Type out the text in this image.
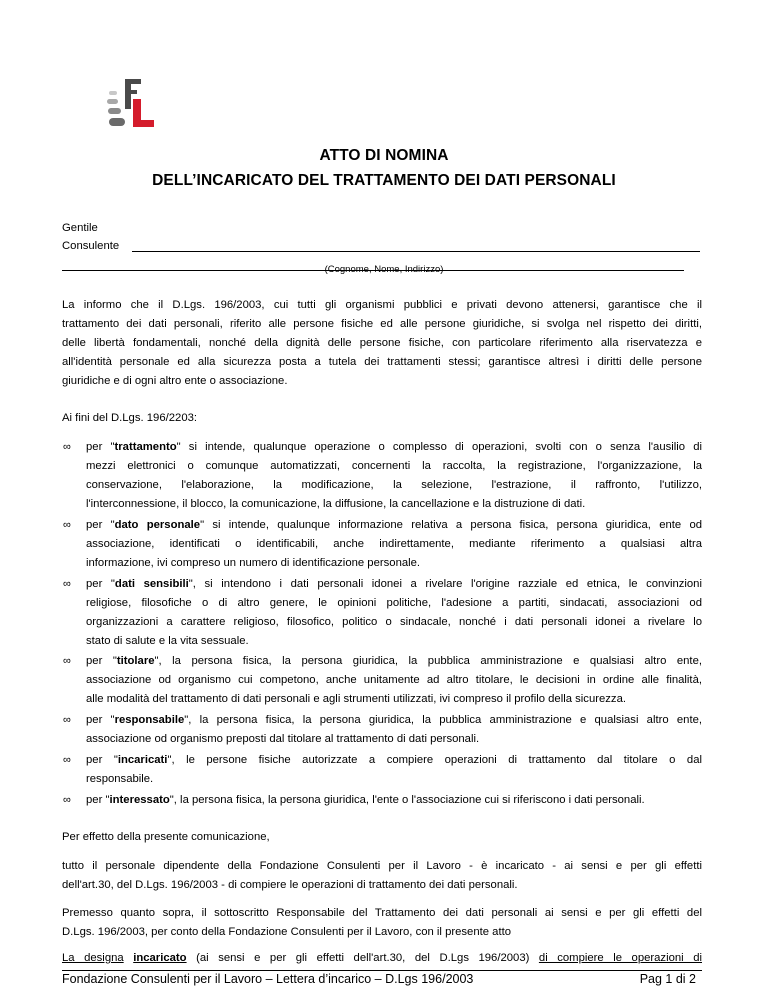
ATTO DI NOMINA
DELL’INCARICATO DEL TRATTAMENTO DEI DATI PERSONALI
Gentile
Consulente
(Cognome, Nome, Indirizzo)
La informo che il D.Lgs. 196/2003, cui tutti gli organismi pubblici e privati devono attenersi, garantisce che il
trattamento dei dati personali, riferito alle persone fisiche ed alle persone giuridiche, si svolga nel rispetto dei diritti,
delle libertà fondamentali, nonché della dignità delle persone fisiche, con particolare riferimento alla riservatezza e
all'identità personale ed alla sicurezza posta a tutela dei trattamenti stessi; garantisce altresì i diritti delle persone
giuridiche e di ogni altro ente o associazione.
Ai fini del D.Lgs. 196/2203:
∞ per "trattamento" si intende, qualunque operazione o complesso di operazioni, svolti con o senza l'ausilio di
mezzi elettronici o comunque automatizzati, concernenti la raccolta, la registrazione, l'organizzazione, la
conservazione, l'elaborazione, la modificazione, la selezione, l'estrazione, il raffronto, l'utilizzo,
l'interconnessione, il blocco, la comunicazione, la diffusione, la cancellazione e la distruzione di dati.
∞ per "dato personale" si intende, qualunque informazione relativa a persona fisica, persona giuridica, ente od
associazione, identificati o identificabili, anche indirettamente, mediante riferimento a qualsiasi altra
informazione, ivi compreso un numero di identificazione personale.
∞ per "dati sensibili", si intendono i dati personali idonei a rivelare l'origine razziale ed etnica, le convinzioni
religiose, filosofiche o di altro genere, le opinioni politiche, l'adesione a partiti, sindacati, associazioni od
organizzazioni a carattere religioso, filosofico, politico o sindacale, nonché i dati personali idonei a rivelare lo
stato di salute e la vita sessuale.
∞ per "titolare", la persona fisica, la persona giuridica, la pubblica amministrazione e qualsiasi altro ente,
associazione od organismo cui competono, anche unitamente ad altro titolare, le decisioni in ordine alle finalità,
alle modalità del trattamento di dati personali e agli strumenti utilizzati, ivi compreso il profilo della sicurezza.
∞ per "responsabile", la persona fisica, la persona giuridica, la pubblica amministrazione e qualsiasi altro ente,
associazione od organismo preposti dal titolare al trattamento di dati personali.
∞ per "incaricati", le persone fisiche autorizzate a compiere operazioni di trattamento dal titolare o dal
responsabile.
∞ per "interessato", la persona fisica, la persona giuridica, l'ente o l'associazione cui si riferiscono i dati personali.
Per effetto della presente comunicazione,
tutto il personale dipendente della Fondazione Consulenti per il Lavoro - è incaricato - ai sensi e per gli effetti
dell'art.30, del D.Lgs. 196/2003 - di compiere le operazioni di trattamento dei dati personali.
Premesso quanto sopra, il sottoscritto Responsabile del Trattamento dei dati personali ai sensi e per gli effetti del
D.Lgs. 196/2003, per conto della Fondazione Consulenti per il Lavoro, con il presente atto
La designa incaricato (ai sensi e per gli effetti dell'art.30, del D.Lgs 196/2003) di compiere le operazioni di
Fondazione Consulenti per il Lavoro – Lettera d’incarico – D.Lgs 196/2003	Pag 1 di 2
